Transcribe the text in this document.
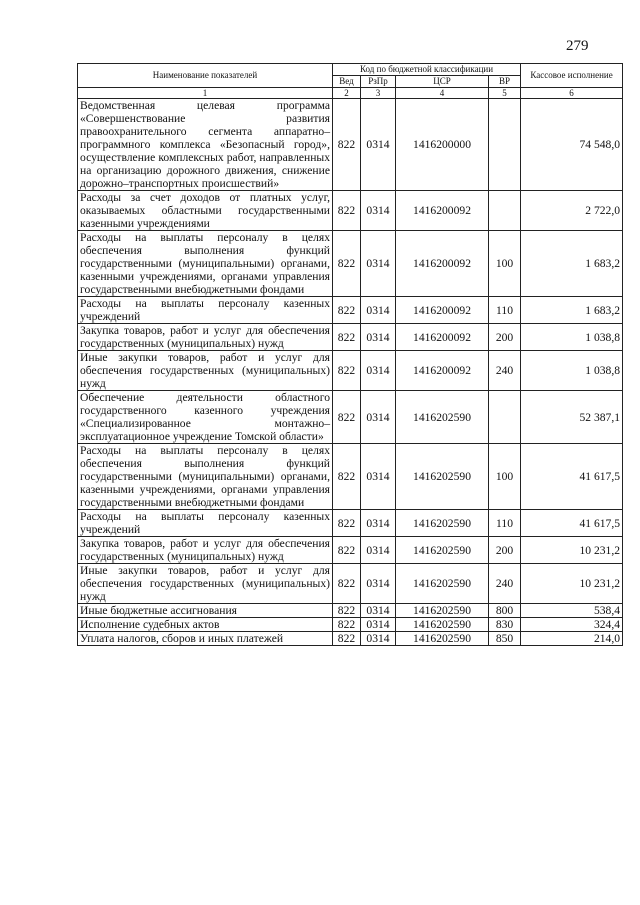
279
Наименование показателей	Код по бюджетной классификации				Кассовое исполнение
	Вед	РзПр	ЦСР	ВР	
1	2	3	4	5	6
Ведомственная целевая программа «Совершенствование развития правоохранительного сегмента аппаратно–программного комплекса «Безопасный город», осуществление комплексных работ, направленных на организацию дорожного движения, снижение дорожно–транспортных происшествий»	822	0314	1416200000		74 548,0
Расходы за счет доходов от платных услуг, оказываемых областными государственными казенными учреждениями	822	0314	1416200092		2 722,0
Расходы на выплаты персоналу в целях обеспечения выполнения функций государственными (муниципальными) органами, казенными учреждениями, органами управления государственными внебюджетными фондами	822	0314	1416200092	100	1 683,2
Расходы на выплаты персоналу казенных учреждений	822	0314	1416200092	110	1 683,2
Закупка товаров, работ и услуг для обеспечения государственных (муниципальных) нужд	822	0314	1416200092	200	1 038,8
Иные закупки товаров, работ и услуг для обеспечения государственных (муниципальных) нужд	822	0314	1416200092	240	1 038,8
Обеспечение деятельности областного государственного казенного учреждения «Специализированное монтажно–эксплуатационное учреждение Томской области»	822	0314	1416202590		52 387,1
Расходы на выплаты персоналу в целях обеспечения выполнения функций государственными (муниципальными) органами, казенными учреждениями, органами управления государственными внебюджетными фондами	822	0314	1416202590	100	41 617,5
Расходы на выплаты персоналу казенных учреждений	822	0314	1416202590	110	41 617,5
Закупка товаров, работ и услуг для обеспечения государственных (муниципальных) нужд	822	0314	1416202590	200	10 231,2
Иные закупки товаров, работ и услуг для обеспечения государственных (муниципальных) нужд	822	0314	1416202590	240	10 231,2
Иные бюджетные ассигнования	822	0314	1416202590	800	538,4
Исполнение судебных актов	822	0314	1416202590	830	324,4
Уплата налогов, сборов и иных платежей	822	0314	1416202590	850	214,0
